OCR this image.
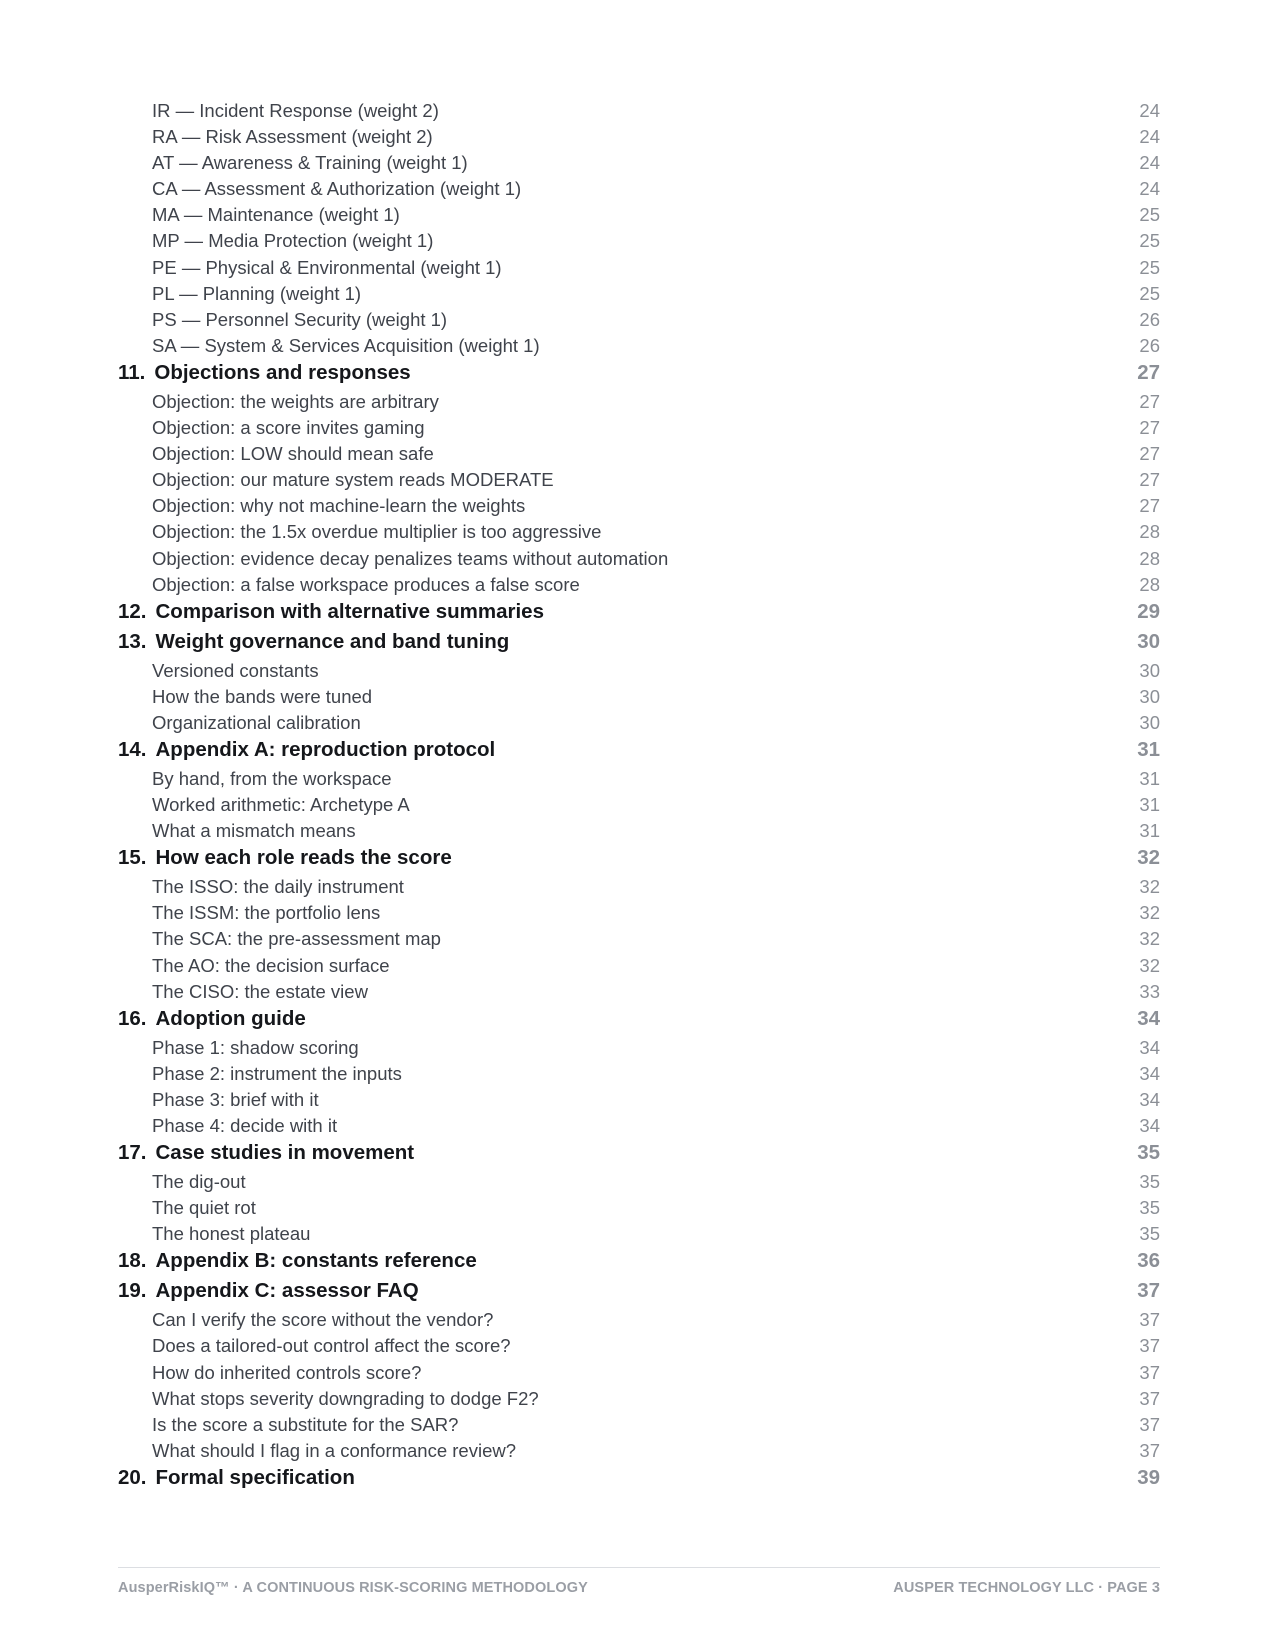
IR — Incident Response (weight 2)	24
RA — Risk Assessment (weight 2)	24
AT — Awareness & Training (weight 1)	24
CA — Assessment & Authorization (weight 1)	24
MA — Maintenance (weight 1)	25
MP — Media Protection (weight 1)	25
PE — Physical & Environmental (weight 1)	25
PL — Planning (weight 1)	25
PS — Personnel Security (weight 1)	26
SA — System & Services Acquisition (weight 1)	26
11. Objections and responses	27
Objection: the weights are arbitrary	27
Objection: a score invites gaming	27
Objection: LOW should mean safe	27
Objection: our mature system reads MODERATE	27
Objection: why not machine-learn the weights	27
Objection: the 1.5x overdue multiplier is too aggressive	28
Objection: evidence decay penalizes teams without automation	28
Objection: a false workspace produces a false score	28
12. Comparison with alternative summaries	29
13. Weight governance and band tuning	30
Versioned constants	30
How the bands were tuned	30
Organizational calibration	30
14. Appendix A: reproduction protocol	31
By hand, from the workspace	31
Worked arithmetic: Archetype A	31
What a mismatch means	31
15. How each role reads the score	32
The ISSO: the daily instrument	32
The ISSM: the portfolio lens	32
The SCA: the pre-assessment map	32
The AO: the decision surface	32
The CISO: the estate view	33
16. Adoption guide	34
Phase 1: shadow scoring	34
Phase 2: instrument the inputs	34
Phase 3: brief with it	34
Phase 4: decide with it	34
17. Case studies in movement	35
The dig-out	35
The quiet rot	35
The honest plateau	35
18. Appendix B: constants reference	36
19. Appendix C: assessor FAQ	37
Can I verify the score without the vendor?	37
Does a tailored-out control affect the score?	37
How do inherited controls score?	37
What stops severity downgrading to dodge F2?	37
Is the score a substitute for the SAR?	37
What should I flag in a conformance review?	37
20. Formal specification	39
AusperRiskIQ™ · A CONTINUOUS RISK-SCORING METHODOLOGY	AUSPER TECHNOLOGY LLC · PAGE 3
